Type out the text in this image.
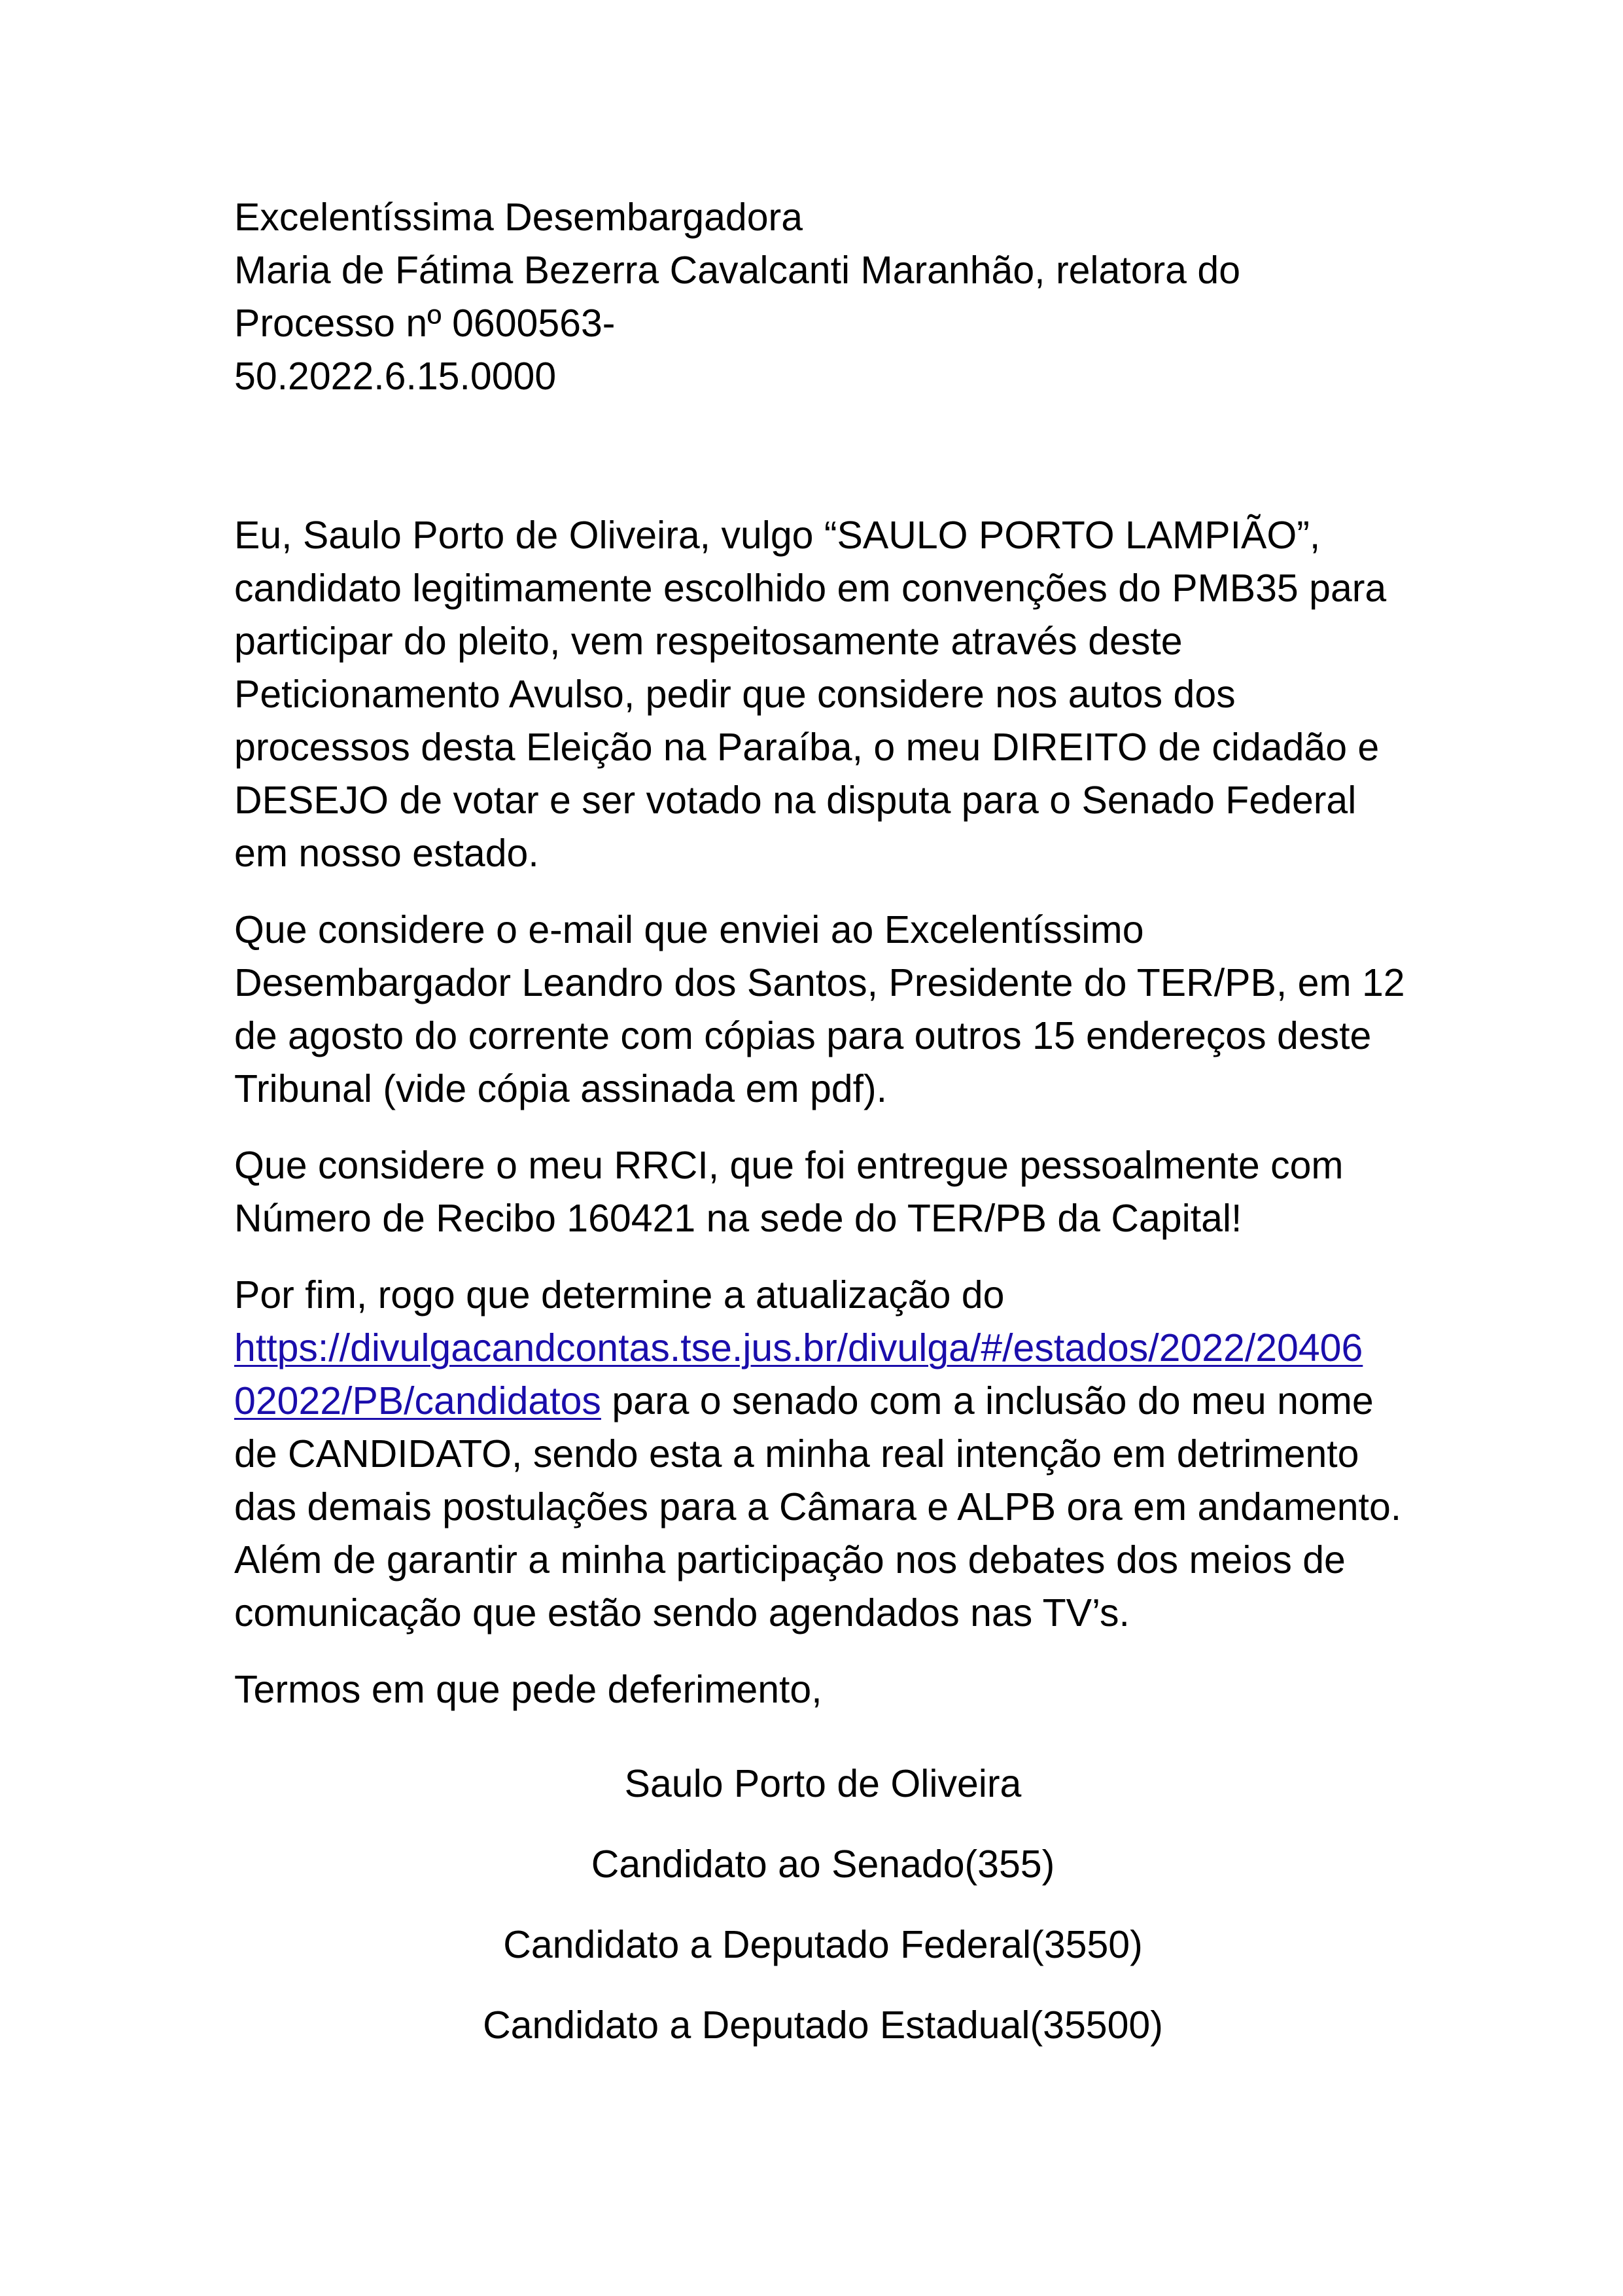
Excelentíssima Desembargadora
Maria de Fátima Bezerra Cavalcanti Maranhão, relatora do
Processo nº 0600563-
50.2022.6.15.0000

Eu, Saulo Porto de Oliveira, vulgo “SAULO PORTO LAMPIÃO”, candidato legitimamente escolhido em convenções do PMB35 para participar do pleito, vem respeitosamente através deste Peticionamento Avulso, pedir que considere nos autos dos processos desta Eleição na Paraíba, o meu DIREITO de cidadão e DESEJO de votar e ser votado na disputa para o Senado Federal em nosso estado.

Que considere o e-mail que enviei ao Excelentíssimo Desembargador Leandro dos Santos, Presidente do TER/PB, em 12 de agosto do corrente com cópias para outros 15 endereços deste Tribunal (vide cópia assinada em pdf).

Que considere o meu RRCI, que foi entregue pessoalmente com Número de Recibo 160421 na sede do TER/PB da Capital!

Por fim, rogo que determine a atualização do
https://divulgacandcontas.tse.jus.br/divulga/#/estados/2022/20406
02022/PB/candidatos para o senado com a inclusão do meu nome de CANDIDATO, sendo esta a minha real intenção em detrimento das demais postulações para a Câmara e ALPB ora em andamento. Além de garantir a minha participação nos debates dos meios de comunicação que estão sendo agendados nas TV’s.

Termos em que pede deferimento,

Saulo Porto de Oliveira
Candidato ao Senado(355)
Candidato a Deputado Federal(3550)
Candidato a Deputado Estadual(35500)
